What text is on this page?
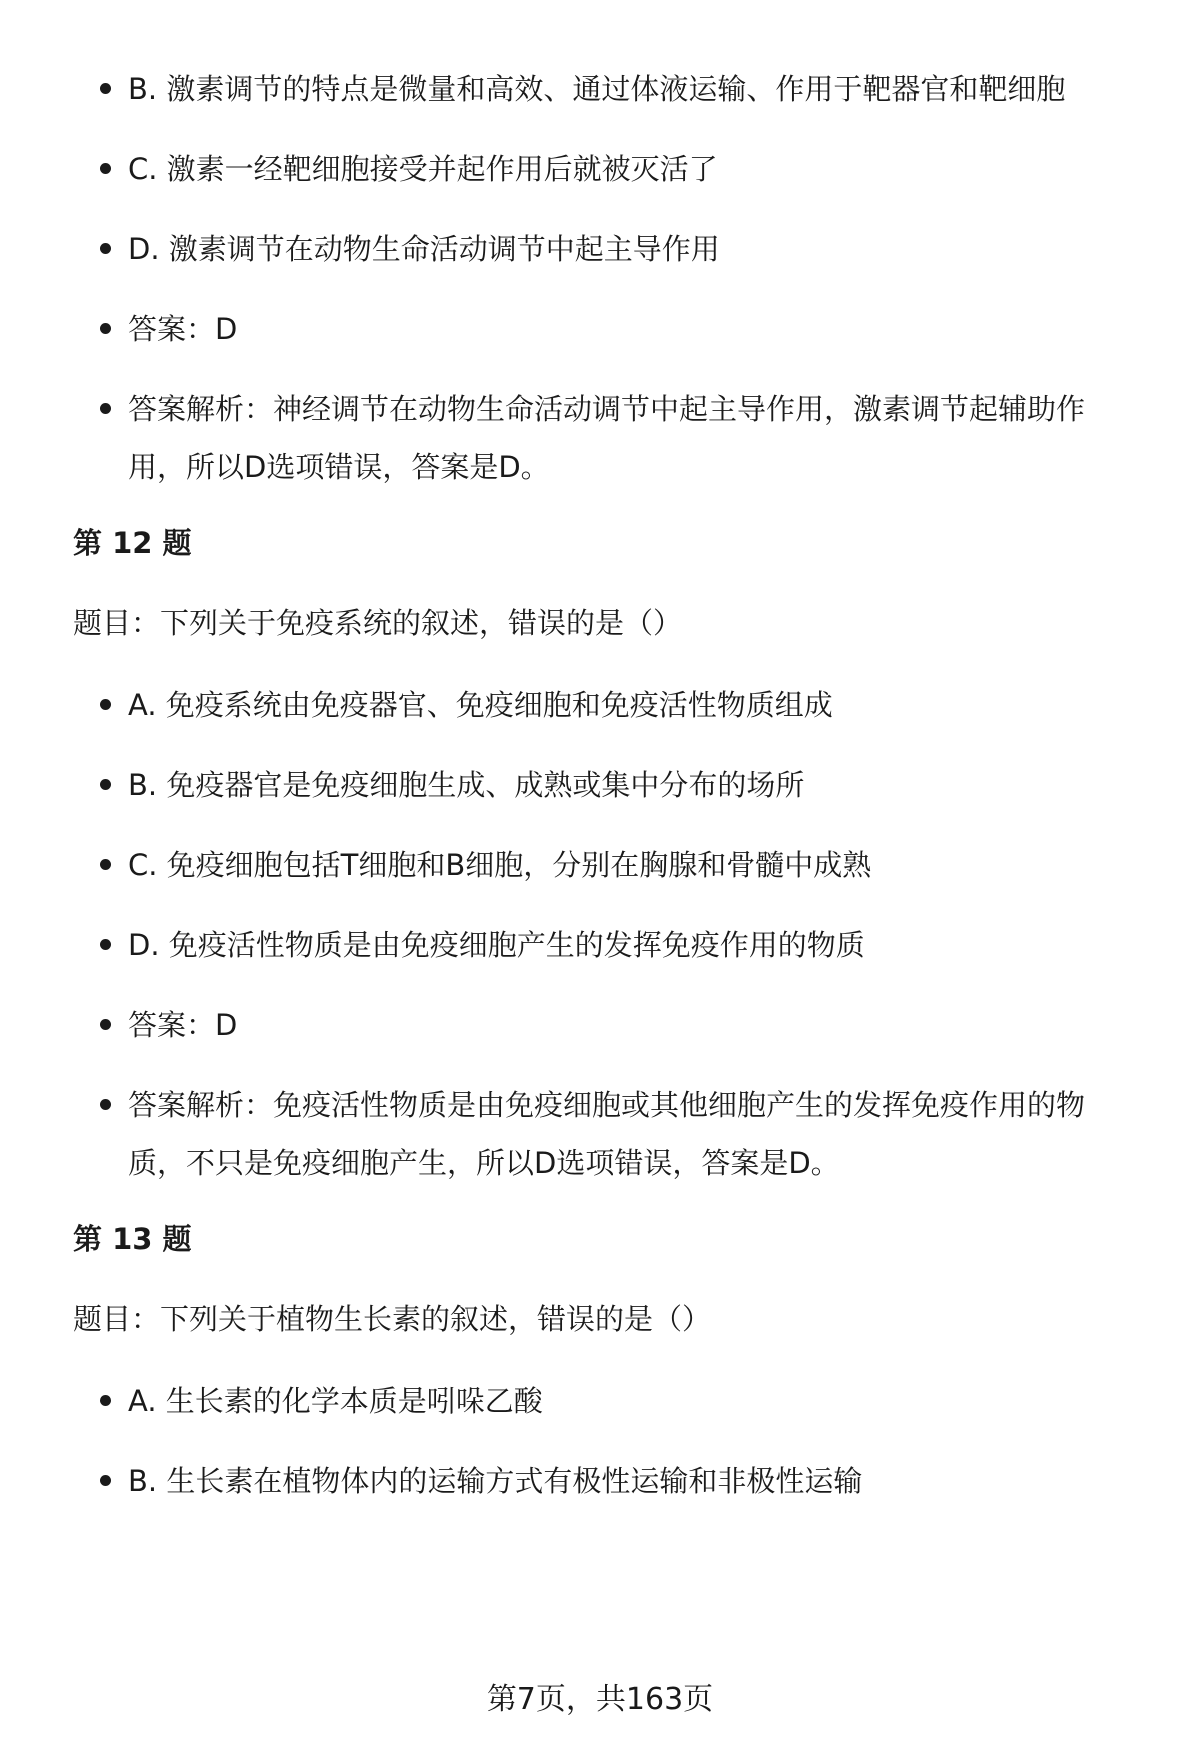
B. 激素调节的特点是微量和高效、通过体液运输、作用于靶器官和靶细胞
C. 激素一经靶细胞接受并起作用后就被灭活了
D. 激素调节在动物生命活动调节中起主导作用
答案：D
答案解析：神经调节在动物生命活动调节中起主导作用，激素调节起辅助作用，所以D选项错误，答案是D。
第 12 题
题目：下列关于免疫系统的叙述，错误的是（）
A. 免疫系统由免疫器官、免疫细胞和免疫活性物质组成
B. 免疫器官是免疫细胞生成、成熟或集中分布的场所
C. 免疫细胞包括T细胞和B细胞，分别在胸腺和骨髓中成熟
D. 免疫活性物质是由免疫细胞产生的发挥免疫作用的物质
答案：D
答案解析：免疫活性物质是由免疫细胞或其他细胞产生的发挥免疫作用的物质，不只是免疫细胞产生，所以D选项错误，答案是D。
第 13 题
题目：下列关于植物生长素的叙述，错误的是（）
A. 生长素的化学本质是吲哚乙酸
B. 生长素在植物体内的运输方式有极性运输和非极性运输
第7页，共163页
